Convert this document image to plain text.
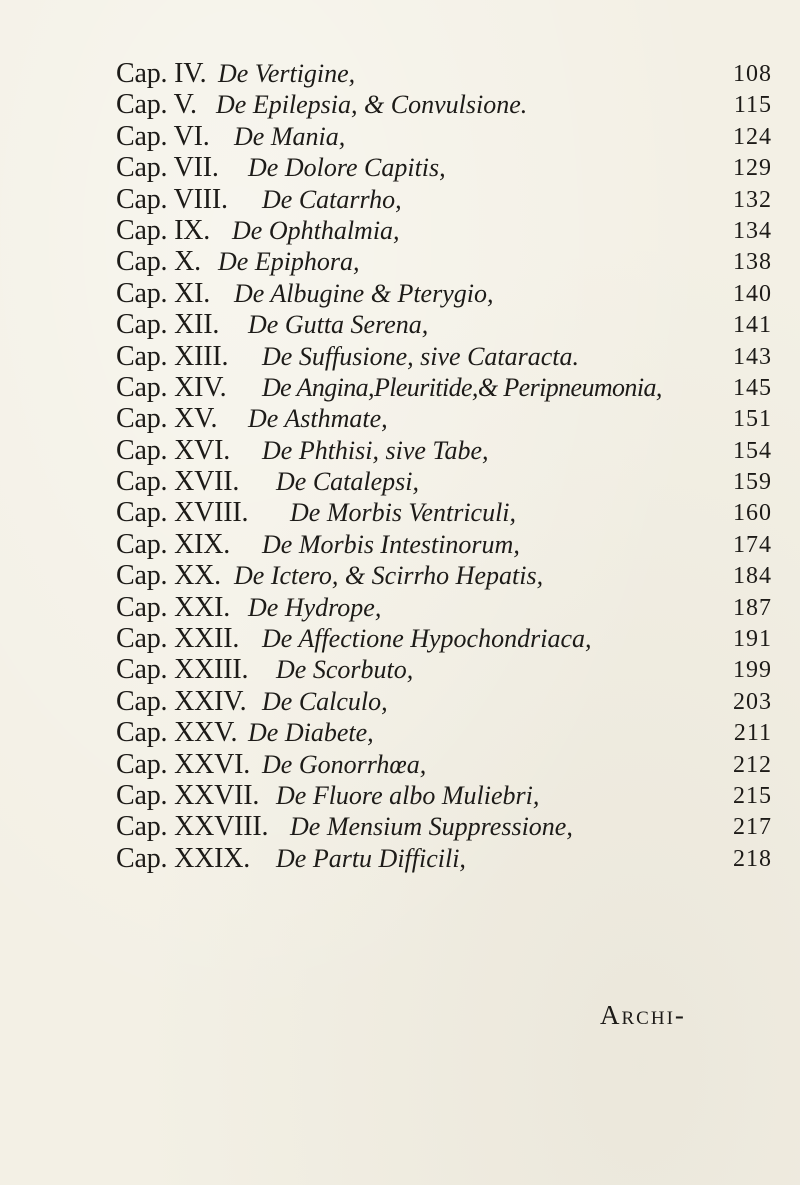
Cap. IV. De Vertigine,	108
Cap. V. De Epilepsia, & Convulsione.	115
Cap. VI. De Mania,	124
Cap. VII. De Dolore Capitis,	129
Cap. VIII. De Catarrho,	132
Cap. IX. De Ophthalmia,	134
Cap. X. De Epiphora,	138
Cap. XI. De Albugine & Pterygio,	140
Cap. XII. De Gutta Serena,	141
Cap. XIII. De Suffusione, sive Cataracta.	143
Cap. XIV. De Angina,Pleuritide,& Peripneumonia,	145
Cap. XV. De Asthmate,	151
Cap. XVI. De Phthisi, sive Tabe,	154
Cap. XVII. De Catalepsi,	159
Cap. XVIII. De Morbis Ventriculi,	160
Cap. XIX. De Morbis Intestinorum,	174
Cap. XX. De Ictero, & Scirrho Hepatis,	184
Cap. XXI. De Hydrope,	187
Cap. XXII. De Affectione Hypochondriaca,	191
Cap. XXIII. De Scorbuto,	199
Cap. XXIV. De Calculo,	203
Cap. XXV. De Diabete,	211
Cap. XXVI. De Gonorrhœa,	212
Cap. XXVII. De Fluore albo Muliebri,	215
Cap. XXVIII. De Mensium Suppressione,	217
Cap. XXIX. De Partu Difficili,	218
Archi-
